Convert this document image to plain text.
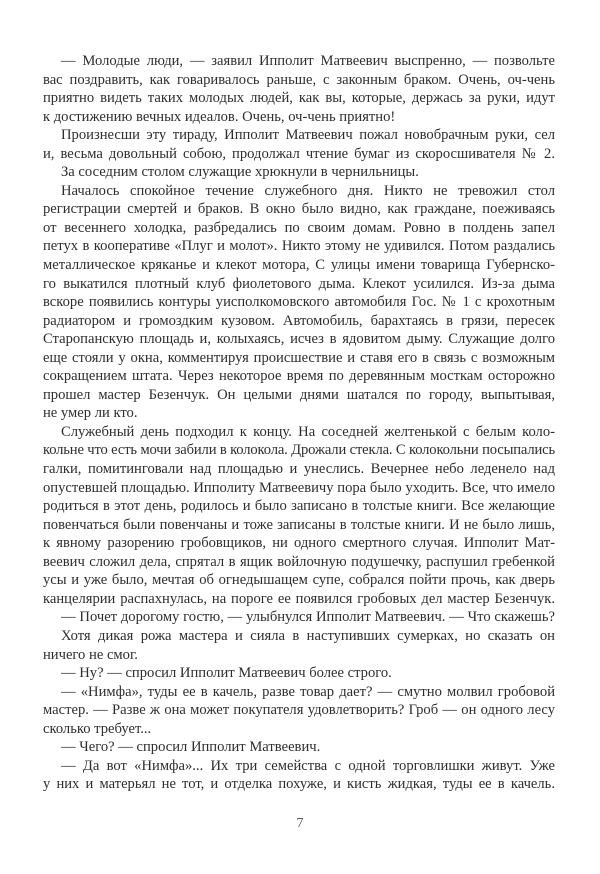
— Молодые люди, — заявил Ипполит Матвеевич выспренно, — позвольте
вас поздравить, как говаривалось раньше, с законным браком. Очень, оч-чень
приятно видеть таких молодых людей, как вы, которые, держась за руки, идут
к достижению вечных идеалов. Очень, оч-чень приятно!
Произнесши эту тираду, Ипполит Матвеевич пожал новобрачным руки, сел
и, весьма довольный собою, продолжал чтение бумаг из скоросшивателя № 2.
За соседним столом служащие хрюкнули в чернильницы.
Началось спокойное течение служебного дня. Никто не тревожил стол
регистрации смертей и браков. В окно было видно, как граждане, поеживаясь
от весеннего холодка, разбредались по своим домам. Ровно в полдень запел
петух в кооперативе «Плуг и молот». Никто этому не удивился. Потом раздались
металлическое кряканье и клекот мотора, С улицы имени товарища Губернско-
го выкатился плотный клуб фиолетового дыма. Клекот усилился. Из-за дыма
вскоре появились контуры уисполкомовского автомобиля Гос. № 1 с крохотным
радиатором и громоздким кузовом. Автомобиль, барахтаясь в грязи, пересек
Старопанскую площадь и, колыхаясь, исчез в ядовитом дыму. Служащие долго
еще стояли у окна, комментируя происшествие и ставя его в связь с возможным
сокращением штата. Через некоторое время по деревянным мосткам осторожно
прошел мастер Безенчук. Он целыми днями шатался по городу, выпытывая,
не умер ли кто.
Служебный день подходил к концу. На соседней желтенькой с белым коло-
кольне что есть мочи забили в колокола. Дрожали стекла. С колокольни посыпались
галки, помитинговали над площадью и унеслись. Вечернее небо леденело над
опустевшей площадью. Ипполиту Матвеевичу пора было уходить. Все, что имело
родиться в этот день, родилось и было записано в толстые книги. Все желающие
повенчаться были повенчаны и тоже записаны в толстые книги. И не было лишь,
к явному разорению гробовщиков, ни одного смертного случая. Ипполит Мат-
веевич сложил дела, спрятал в ящик войлочную подушечку, распушил гребенкой
усы и уже было, мечтая об огнедышащем супе, собрался пойти прочь, как дверь
канцелярии распахнулась, на пороге ее появился гробовых дел мастер Безенчук.
— Почет дорогому гостю, — улыбнулся Ипполит Матвеевич. — Что скажешь?
Хотя дикая рожа мастера и сияла в наступивших сумерках, но сказать он
ничего не смог.
— Ну? — спросил Ипполит Матвеевич более строго.
— «Нимфа», туды ее в качель, разве товар дает? — смутно молвил гробовой
мастер. — Разве ж она может покупателя удовлетворить? Гроб — он одного лесу
сколько требует...
— Чего? — спросил Ипполит Матвеевич.
— Да вот «Нимфа»... Их три семейства с одной торговлишки живут. Уже
у них и матерьял не тот, и отделка похуже, и кисть жидкая, туды ее в качель.
7
